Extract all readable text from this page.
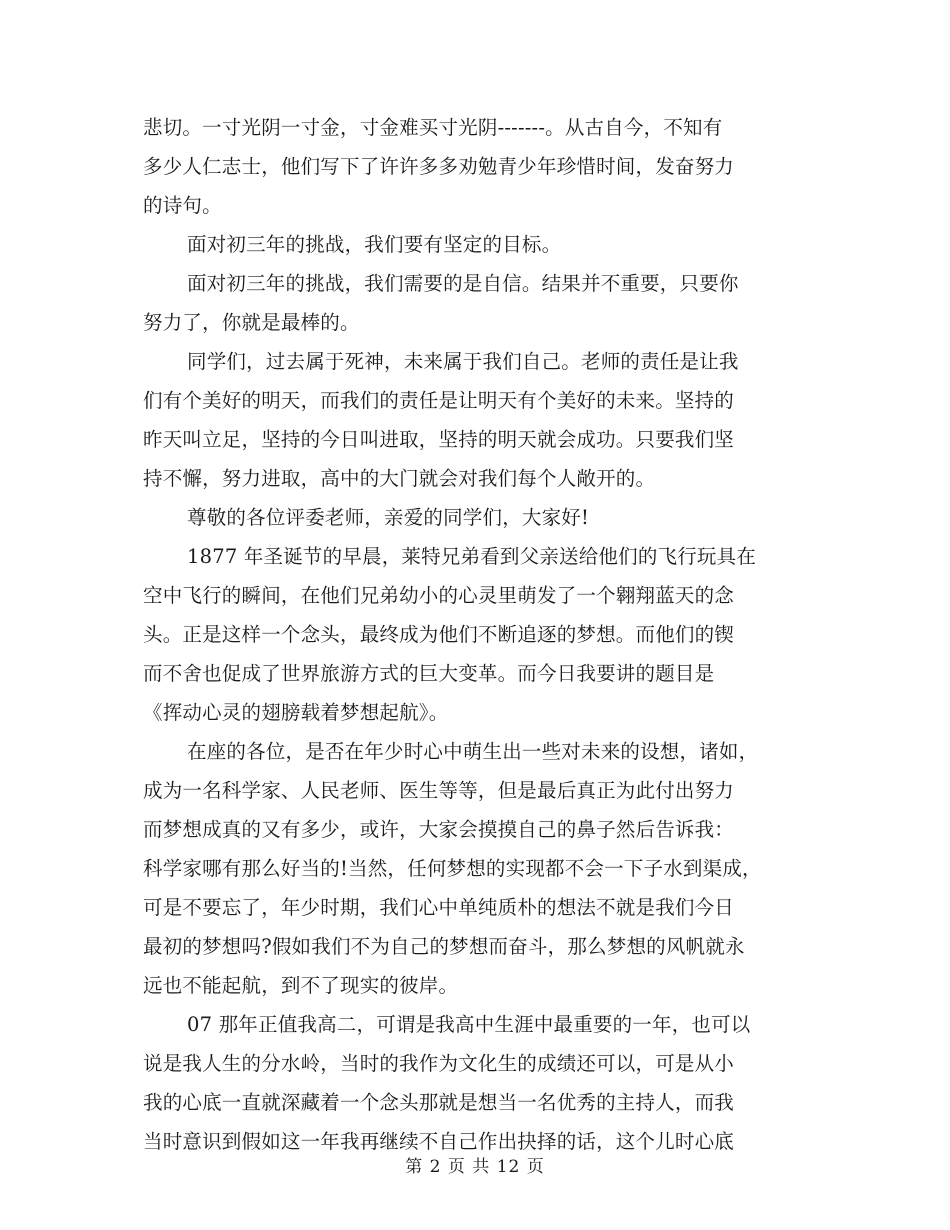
悲切。一寸光阴一寸金，寸金难买寸光阴-------。从古自今，不知有
多少人仁志士，他们写下了许许多多劝勉青少年珍惜时间，发奋努力
的诗句。
面对初三年的挑战，我们要有坚定的目标。
面对初三年的挑战，我们需要的是自信。结果并不重要，只要你
努力了，你就是最棒的。
同学们，过去属于死神，未来属于我们自己。老师的责任是让我
们有个美好的明天，而我们的责任是让明天有个美好的未来。坚持的
昨天叫立足，坚持的今日叫进取，坚持的明天就会成功。只要我们坚
持不懈，努力进取，高中的大门就会对我们每个人敞开的。
尊敬的各位评委老师，亲爱的同学们，大家好!
1877 年圣诞节的早晨，莱特兄弟看到父亲送给他们的飞行玩具在
空中飞行的瞬间，在他们兄弟幼小的心灵里萌发了一个翱翔蓝天的念
头。正是这样一个念头，最终成为他们不断追逐的梦想。而他们的锲
而不舍也促成了世界旅游方式的巨大变革。而今日我要讲的题目是
《挥动心灵的翅膀载着梦想起航》。
在座的各位，是否在年少时心中萌生出一些对未来的设想，诸如，
成为一名科学家、人民老师、医生等等，但是最后真正为此付出努力
而梦想成真的又有多少，或许，大家会摸摸自己的鼻子然后告诉我：
科学家哪有那么好当的!当然，任何梦想的实现都不会一下子水到渠成，
可是不要忘了，年少时期，我们心中单纯质朴的想法不就是我们今日
最初的梦想吗?假如我们不为自己的梦想而奋斗，那么梦想的风帆就永
远也不能起航，到不了现实的彼岸。
07 那年正值我高二，可谓是我高中生涯中最重要的一年，也可以
说是我人生的分水岭，当时的我作为文化生的成绩还可以，可是从小
我的心底一直就深藏着一个念头那就是想当一名优秀的主持人，而我
当时意识到假如这一年我再继续不自己作出抉择的话，这个儿时心底
第 2 页 共 12 页
